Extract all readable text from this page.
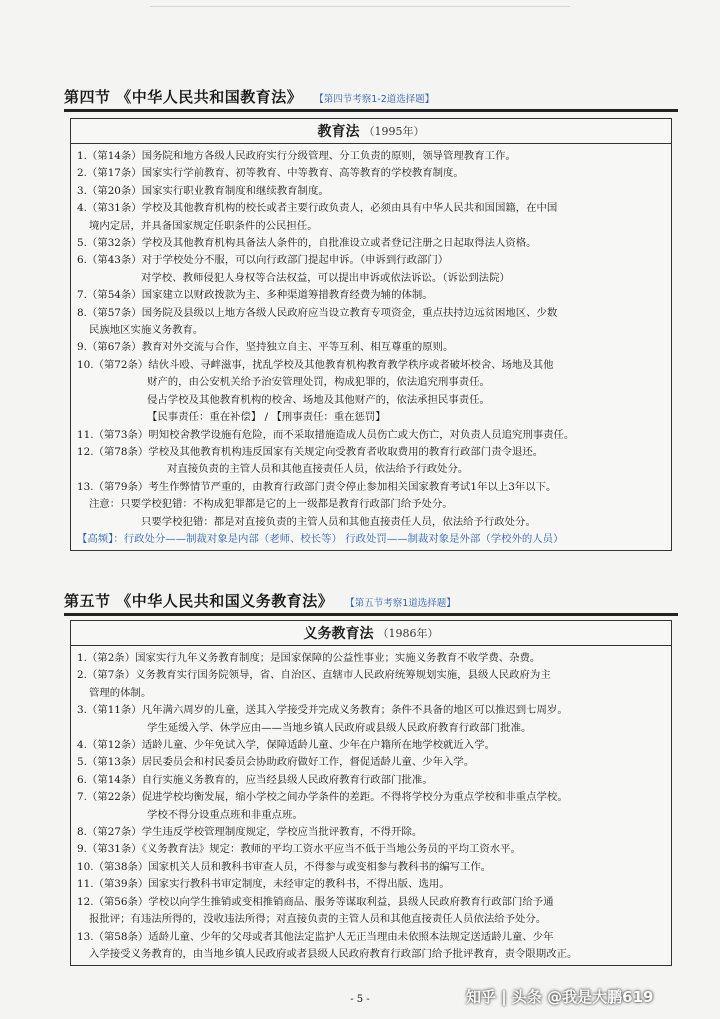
第四节 《中华人民共和国教育法》 【第四节考察1-2道选择题】
教育法 （1995年）
1.（第14条）国务院和地方各级人民政府实行分级管理、分工负责的原则，领导管理教育工作。
2.（第17条）国家实行学前教育、初等教育、中等教育、高等教育的学校教育制度。
3.（第20条）国家实行职业教育制度和继续教育制度。
4.（第31条）学校及其他教育机构的校长或者主要行政负责人，必须由具有中华人民共和国国籍，在中国
境内定居，并具备国家规定任职条件的公民担任。
5.（第32条）学校及其他教育机构具备法人条件的，自批准设立或者登记注册之日起取得法人资格。
6.（第43条）对于学校处分不服，可以向行政部门提起申诉。（申诉到行政部门）
对学校、教师侵犯人身权等合法权益，可以提出申诉或依法诉讼。（诉讼到法院）
7.（第54条）国家建立以财政拨款为主、多种渠道筹措教育经费为辅的体制。
8.（第57条）国务院及县级以上地方各级人民政府应当设立教育专项资金，重点扶持边远贫困地区、少数
民族地区实施义务教育。
9.（第67条）教育对外交流与合作，坚持独立自主、平等互利、相互尊重的原则。
10.（第72条）结伙斗殴、寻衅滋事，扰乱学校及其他教育机构教育教学秩序或者破坏校舍、场地及其他
财产的，由公安机关给予治安管理处罚，构成犯罪的，依法追究刑事责任。
侵占学校及其他教育机构的校舍、场地及其他财产的，依法承担民事责任。
【民事责任：重在补偿】 / 【刑事责任：重在惩罚】
11.（第73条）明知校舍教学设施有危险，而不采取措施造成人员伤亡或大伤亡，对负责人员追究刑事责任。
12.（第78条）学校及其他教育机构违反国家有关规定向受教育者收取费用的教育行政部门责令退还。
对直接负责的主管人员和其他直接责任人员，依法给予行政处分。
13.（第79条）考生作弊情节严重的，由教育行政部门责令停止参加相关国家教育考试1年以上3年以下。
注意：只要学校犯错：不构成犯罪都是它的上一级都是教育行政部门给予处分。
只要学校犯错：都是对直接负责的主管人员和其他直接责任人员，依法给予行政处分。
【高频】：行政处分——制裁对象是内部（老师、校长等） 行政处罚——制裁对象是外部（学校外的人员）
第五节 《中华人民共和国义务教育法》 【第五节考察1道选择题】
义务教育法 （1986年）
1.（第2条）国家实行九年义务教育制度；是国家保障的公益性事业；实施义务教育不收学费、杂费。
2.（第7条）义务教育实行国务院领导，省、自治区、直辖市人民政府统筹规划实施，县级人民政府为主
管理的体制。
3.（第11条）凡年满六周岁的儿童，送其入学接受并完成义务教育；条件不具备的地区可以推迟到七周岁。
学生延缓入学、休学应由——当地乡镇人民政府或县级人民政府教育行政部门批准。
4.（第12条）适龄儿童、少年免试入学，保障适龄儿童、少年在户籍所在地学校就近入学。
5.（第13条）居民委员会和村民委员会协助政府做好工作，督促适龄儿童、少年入学。
6.（第14条）自行实施义务教育的，应当经县级人民政府教育行政部门批准。
7.（第22条）促进学校均衡发展，缩小学校之间办学条件的差距。不得将学校分为重点学校和非重点学校。
学校不得分设重点班和非重点班。
8.（第27条）学生违反学校管理制度规定，学校应当批评教育，不得开除。
9.（第31条）《义务教育法》规定：教师的平均工资水平应当不低于当地公务员的平均工资水平。
10.（第38条）国家机关人员和教科书审查人员，不得参与或变相参与教科书的编写工作。
11.（第39条）国家实行教科书审定制度，未经审定的教科书，不得出版、选用。
12.（第56条）学校以向学生推销或变相推销商品、服务等谋取利益，县级人民政府教育行政部门给予通
报批评；有违法所得的，没收违法所得；对直接负责的主管人员和其他直接责任人员依法给予处分。
13.（第58条）适龄儿童、少年的父母或者其他法定监护人无正当理由未依照本法规定送适龄儿童、少年
入学接受义务教育的，由当地乡镇人民政府或者县级人民政府教育行政部门给予批评教育，责令限期改正。
- 5 -	知乎 | 头条 @我是大鹏619
